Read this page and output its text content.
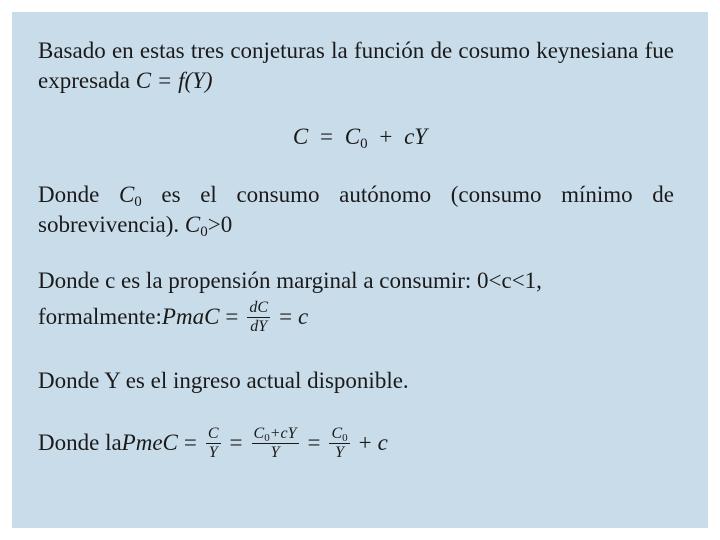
Basado en estas tres conjeturas la función de cosumo keynesiana fue expresada C = f(Y)
$C = C_0$ + cY
Donde $C_0$ es el consumo autónomo (consumo mínimo de sobrevivencia). $C_0>0$
Donde c es la propensión marginal a consumir: 0<c<1,
formalmente: PmaC = $\frac{dC}{dY} = c$
Donde Y es el ingreso actual disponible.
Donde la PmeC = $\frac{C}{Y} = \frac{C_0+cY}{Y} = \frac{C_0}{Y} + c$
